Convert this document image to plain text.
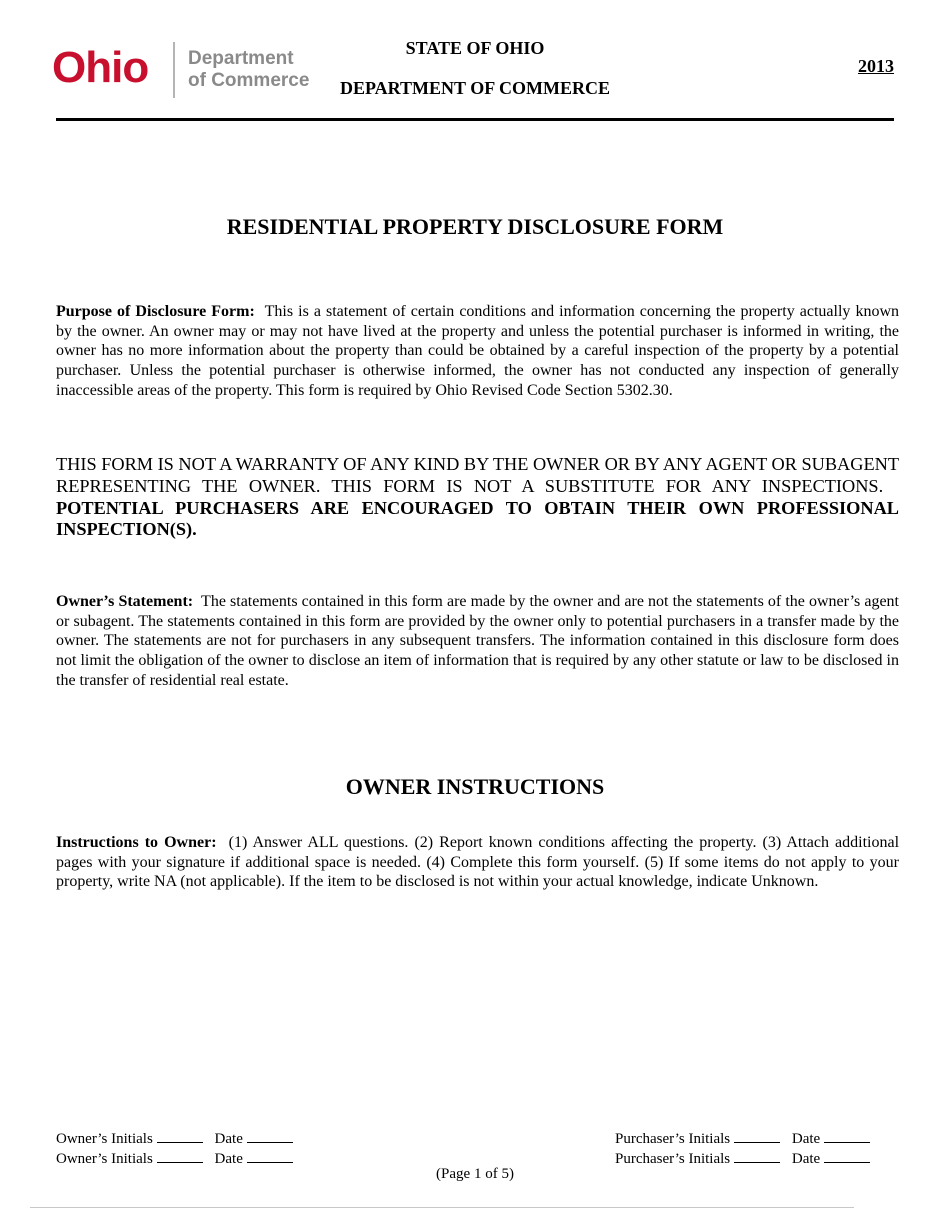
Ohio Department
of Commerce
STATE OF OHIO
DEPARTMENT OF COMMERCE
2013
RESIDENTIAL PROPERTY DISCLOSURE FORM
Purpose of Disclosure Form: This is a statement of certain conditions and information concerning the property actually known by the owner. An owner may or may not have lived at the property and unless the potential purchaser is informed in writing, the owner has no more information about the property than could be obtained by a careful inspection of the property by a potential purchaser. Unless the potential purchaser is otherwise informed, the owner has not conducted any inspection of generally inaccessible areas of the property. This form is required by Ohio Revised Code Section 5302.30.
THIS FORM IS NOT A WARRANTY OF ANY KIND BY THE OWNER OR BY ANY AGENT OR SUBAGENT REPRESENTING THE OWNER. THIS FORM IS NOT A SUBSTITUTE FOR ANY INSPECTIONS.   POTENTIAL PURCHASERS ARE ENCOURAGED TO OBTAIN THEIR OWN PROFESSIONAL INSPECTION(S).
Owner’s Statement: The statements contained in this form are made by the owner and are not the statements of the owner’s agent or subagent. The statements contained in this form are provided by the owner only to potential purchasers in a transfer made by the owner. The statements are not for purchasers in any subsequent transfers. The information contained in this disclosure form does not limit the obligation of the owner to disclose an item of information that is required by any other statute or law to be disclosed in the transfer of residential real estate.
OWNER INSTRUCTIONS
Instructions to Owner: (1) Answer ALL questions. (2) Report known conditions affecting the property. (3) Attach additional pages with your signature if additional space is needed. (4) Complete this form yourself. (5) If some items do not apply to your property, write NA (not applicable). If the item to be disclosed is not within your actual knowledge, indicate Unknown.
Owner’s Initials	Date
Owner’s Initials	Date
Purchaser’s Initials	Date
Purchaser’s Initials	Date
(Page 1 of 5)
